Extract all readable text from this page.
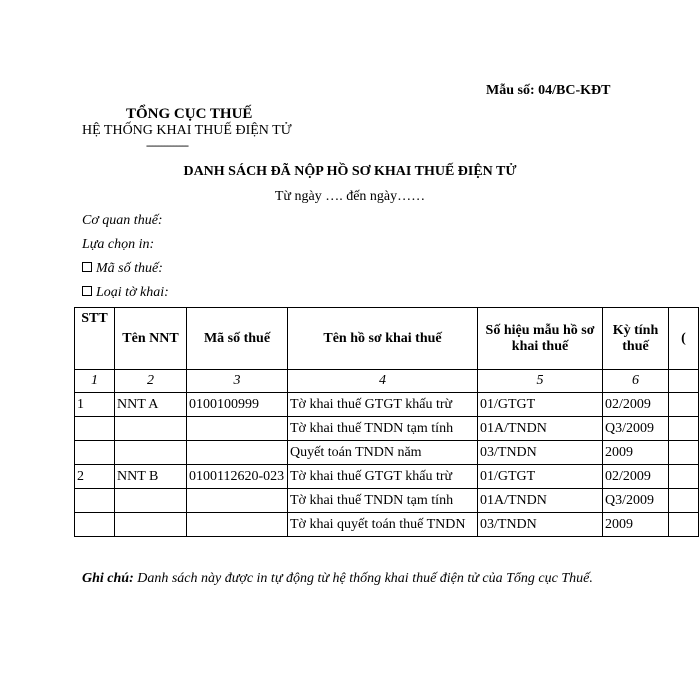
Mẫu số: 04/BC-KĐT
TỔNG CỤC THUẾ
HỆ THỐNG KHAI THUẾ ĐIỆN TỬ
--------------
DANH SÁCH ĐÃ NỘP HỒ SƠ KHAI THUẾ ĐIỆN TỬ
Từ ngày …. đến ngày……
Cơ quan thuế:
Lựa chọn in:
Mã số thuế:
Loại tờ khai:
STT	Tên NNT	Mã số thuế	Tên hồ sơ khai thuế	Số hiệu mẫu hồ sơ khai thuế	Kỳ tính thuế	(
1	2	3	4	5	6	
1	NNT A	0100100999	Tờ khai thuế GTGT khấu trừ	01/GTGT	02/2009	
			Tờ khai thuế TNDN tạm tính	01A/TNDN	Q3/2009	
			Quyết toán TNDN năm	03/TNDN	2009	
2	NNT B	0100112620-023	Tờ khai thuế GTGT khấu trừ	01/GTGT	02/2009	
			Tờ khai thuế TNDN tạm tính	01A/TNDN	Q3/2009	
			Tờ khai quyết toán thuế TNDN	03/TNDN	2009	
Ghi chú: Danh sách này được in tự động từ hệ thống khai thuế điện tử của Tổng cục Thuế.
